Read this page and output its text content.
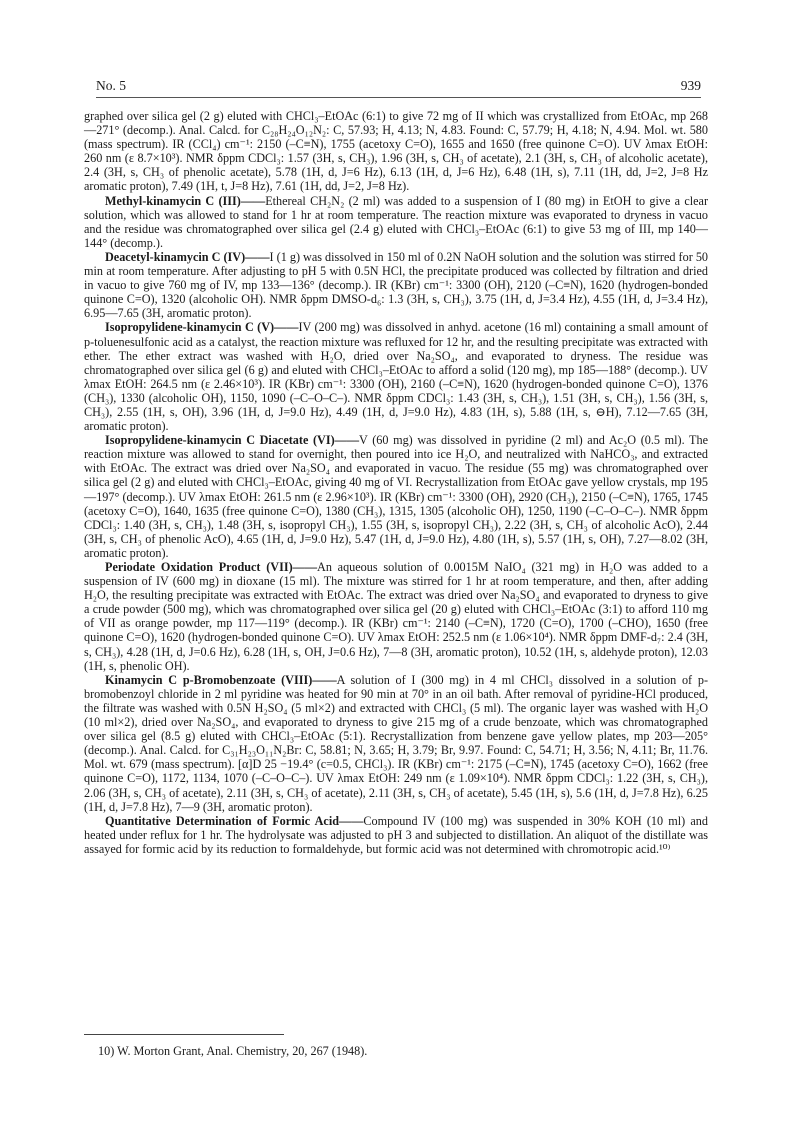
No. 5	939

graphed over silica gel (2 g) eluted with CHCl₃–EtOAc (6:1) to give 72 mg of II which was crystallized from EtOAc, mp 268—271° (decomp.). Anal. Calcd. for C₂₈H₂₄O₁₂N₂: C, 57.93; H, 4.13; N, 4.83. Found: C, 57.79; H, 4.18; N, 4.94. Mol. wt. 580 (mass spectrum). IR (CCl₄) cm⁻¹: 2150 (–C≡N), 1755 (acetoxy C=O), 1655 and 1650 (free quinone C=O). UV λmax EtOH: 260 nm (ε 8.7×10³). NMR δppm CDCl₃: 1.57 (3H, s, CH₃), 1.96 (3H, s, CH₃ of acetate), 2.1 (3H, s, CH₃ of alcoholic acetate), 2.4 (3H, s, CH₃ of phenolic acetate), 5.78 (1H, d, J=6 Hz), 6.13 (1H, d, J=6 Hz), 6.48 (1H, s), 7.11 (1H, dd, J=2, J=8 Hz aromatic proton), 7.49 (1H, t, J=8 Hz), 7.61 (1H, dd, J=2, J=8 Hz).

Methyl-kinamycin C (III)——Ethereal CH₂N₂ (2 ml) was added to a suspension of I (80 mg) in EtOH to give a clear solution, which was allowed to stand for 1 hr at room temperature. The reaction mixture was evaporated to dryness in vacuo and the residue was chromatographed over silica gel (2.4 g) eluted with CHCl₃–EtOAc (6:1) to give 53 mg of III, mp 140—144° (decomp.).

Deacetyl-kinamycin C (IV)——I (1 g) was dissolved in 150 ml of 0.2N NaOH solution and the solution was stirred for 50 min at room temperature. After adjusting to pH 5 with 0.5N HCl, the precipitate produced was collected by filtration and dried in vacuo to give 760 mg of IV, mp 133—136° (decomp.). IR (KBr) cm⁻¹: 3300 (OH), 2120 (–C≡N), 1620 (hydrogen-bonded quinone C=O), 1320 (alcoholic OH). NMR δppm DMSO-d₆: 1.3 (3H, s, CH₃), 3.75 (1H, d, J=3.4 Hz), 4.55 (1H, d, J=3.4 Hz), 6.95—7.65 (3H, aromatic proton).

Isopropylidene-kinamycin C (V)——IV (200 mg) was dissolved in anhyd. acetone (16 ml) containing a small amount of p-toluenesulfonic acid as a catalyst, the reaction mixture was refluxed for 12 hr, and the resulting precipitate was extracted with ether. The ether extract was washed with H₂O, dried over Na₂SO₄, and evaporated to dryness. The residue was chromatographed over silica gel (6 g) and eluted with CHCl₃–EtOAc to afford a solid (120 mg), mp 185—188° (decomp.). UV λmax EtOH: 264.5 nm (ε 2.46×10³). IR (KBr) cm⁻¹: 3300 (OH), 2160 (–C≡N), 1620 (hydrogen-bonded quinone C=O), 1376 (CH₃), 1330 (alcoholic OH), 1150, 1090 (–C–O–C–). NMR δppm CDCl₃: 1.43 (3H, s, CH₃), 1.51 (3H, s, CH₃), 1.56 (3H, s, CH₃), 2.55 (1H, s, OH), 3.96 (1H, d, J=9.0 Hz), 4.49 (1H, d, J=9.0 Hz), 4.83 (1H, s), 5.88 (1H, s, ⊖H), 7.12—7.65 (3H, aromatic proton).

Isopropylidene-kinamycin C Diacetate (VI)——V (60 mg) was dissolved in pyridine (2 ml) and Ac₂O (0.5 ml). The reaction mixture was allowed to stand for overnight, then poured into ice H₂O, and neutralized with NaHCO₃, and extracted with EtOAc. The extract was dried over Na₂SO₄ and evaporated in vacuo. The residue (55 mg) was chromatographed over silica gel (2 g) and eluted with CHCl₃–EtOAc, giving 40 mg of VI. Recrystallization from EtOAc gave yellow crystals, mp 195—197° (decomp.). UV λmax EtOH: 261.5 nm (ε 2.96×10³). IR (KBr) cm⁻¹: 3300 (OH), 2920 (CH₃), 2150 (–C≡N), 1765, 1745 (acetoxy C=O), 1640, 1635 (free quinone C=O), 1380 (CH₃), 1315, 1305 (alcoholic OH), 1250, 1190 (–C–O–C–). NMR δppm CDCl₃: 1.40 (3H, s, CH₃), 1.48 (3H, s, isopropyl CH₃), 1.55 (3H, s, isopropyl CH₃), 2.22 (3H, s, CH₃ of alcoholic AcO), 2.44 (3H, s, CH₃ of phenolic AcO), 4.65 (1H, d, J=9.0 Hz), 5.47 (1H, d, J=9.0 Hz), 4.80 (1H, s), 5.57 (1H, s, OH), 7.27—8.02 (3H, aromatic proton).

Periodate Oxidation Product (VII)——An aqueous solution of 0.0015M NaIO₄ (321 mg) in H₂O was added to a suspension of IV (600 mg) in dioxane (15 ml). The mixture was stirred for 1 hr at room temperature, and then, after adding H₂O, the resulting precipitate was extracted with EtOAc. The extract was dried over Na₂SO₄ and evaporated to dryness to give a crude powder (500 mg), which was chromatographed over silica gel (20 g) eluted with CHCl₃–EtOAc (3:1) to afford 110 mg of VII as orange powder, mp 117—119° (decomp.). IR (KBr) cm⁻¹: 2140 (–C≡N), 1720 (C=O), 1700 (–CHO), 1650 (free quinone C=O), 1620 (hydrogen-bonded quinone C=O). UV λmax EtOH: 252.5 nm (ε 1.06×10⁴). NMR δppm DMF-d₇: 2.4 (3H, s, CH₃), 4.28 (1H, d, J=0.6 Hz), 6.28 (1H, s, OH, J=0.6 Hz), 7—8 (3H, aromatic proton), 10.52 (1H, s, aldehyde proton), 12.03 (1H, s, phenolic OH).

Kinamycin C p-Bromobenzoate (VIII)——A solution of I (300 mg) in 4 ml CHCl₃ dissolved in a solution of p-bromobenzoyl chloride in 2 ml pyridine was heated for 90 min at 70° in an oil bath. After removal of pyridine-HCl produced, the filtrate was washed with 0.5N H₂SO₄ (5 ml×2) and extracted with CHCl₃ (5 ml). The organic layer was washed with H₂O (10 ml×2), dried over Na₂SO₄, and evaporated to dryness to give 215 mg of a crude benzoate, which was chromatographed over silica gel (8.5 g) eluted with CHCl₃–EtOAc (5:1). Recrystallization from benzene gave yellow plates, mp 203—205° (decomp.). Anal. Calcd. for C₃₁H₂₃O₁₁N₂Br: C, 58.81; N, 3.65; H, 3.79; Br, 9.97. Found: C, 54.71; H, 3.56; N, 4.11; Br, 11.76. Mol. wt. 679 (mass spectrum). [α]D 25 −19.4° (c=0.5, CHCl₃). IR (KBr) cm⁻¹: 2175 (–C≡N), 1745 (acetoxy C=O), 1662 (free quinone C=O), 1172, 1134, 1070 (–C–O–C–). UV λmax EtOH: 249 nm (ε 1.09×10⁴). NMR δppm CDCl₃: 1.22 (3H, s, CH₃), 2.06 (3H, s, CH₃ of acetate), 2.11 (3H, s, CH₃ of acetate), 2.11 (3H, s, CH₃ of acetate), 5.45 (1H, s), 5.6 (1H, d, J=7.8 Hz), 6.25 (1H, d, J=7.8 Hz), 7—9 (3H, aromatic proton).

Quantitative Determination of Formic Acid——Compound IV (100 mg) was suspended in 30% KOH (10 ml) and heated under reflux for 1 hr. The hydrolysate was adjusted to pH 3 and subjected to distillation. An aliquot of the distillate was assayed for formic acid by its reduction to formaldehyde, but formic acid was not determined with chromotropic acid.¹⁰⁾

10) W. Morton Grant, Anal. Chemistry, 20, 267 (1948).
